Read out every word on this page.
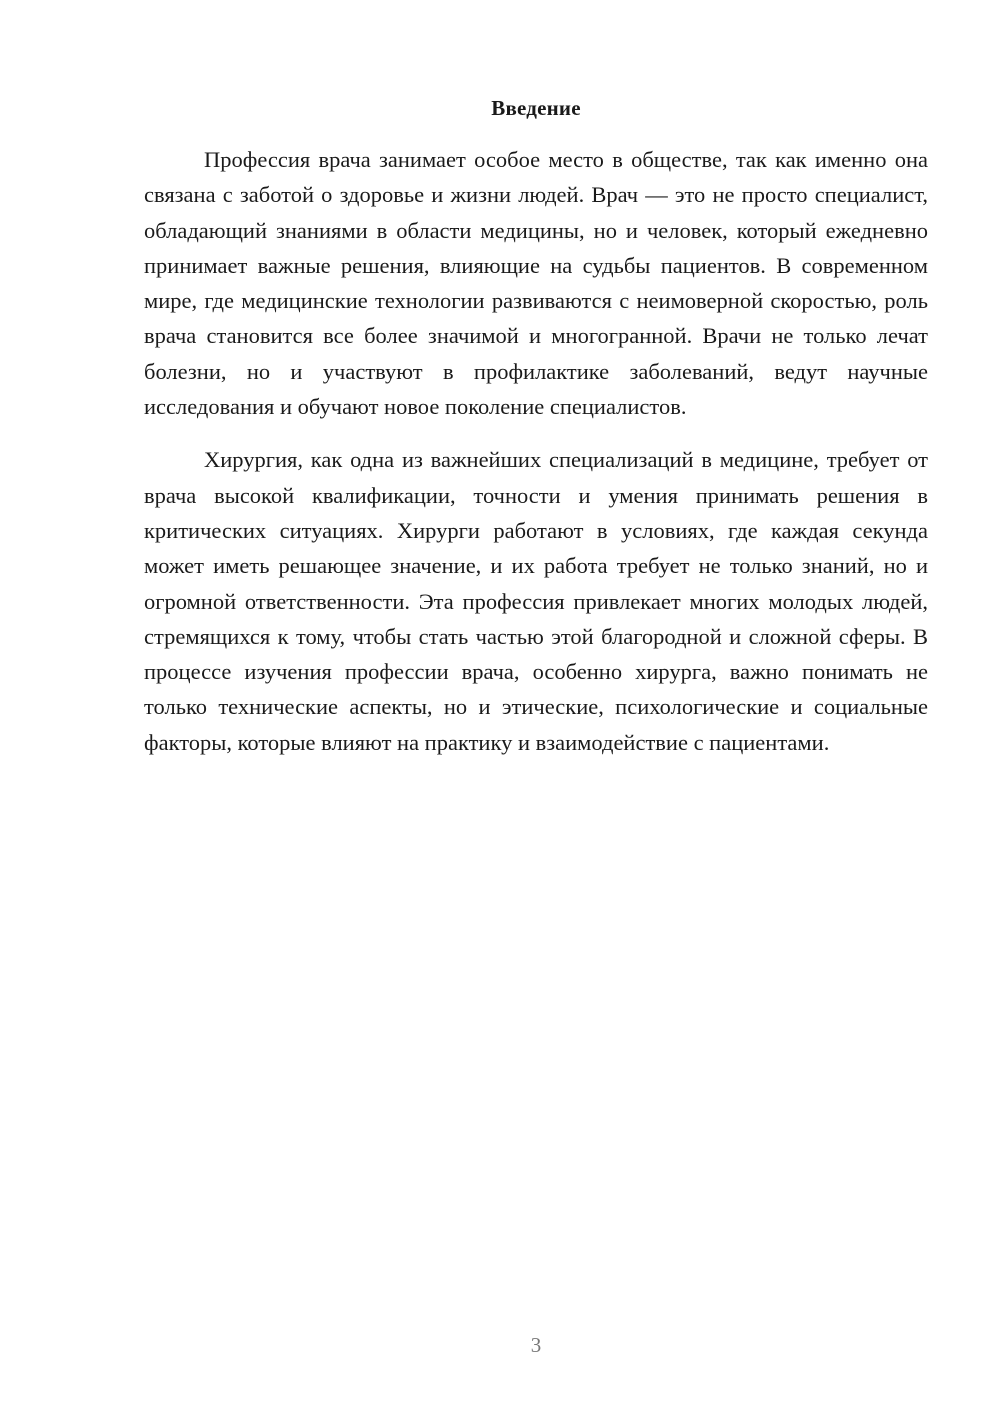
Введение

Профессия врача занимает особое место в обществе, так как именно она связана с заботой о здоровье и жизни людей. Врач — это не просто специалист, обладающий знаниями в области медицины, но и человек, который ежедневно принимает важные решения, влияющие на судьбы пациентов. В современном мире, где медицинские технологии развиваются с неимоверной скоростью, роль врача становится все более значимой и многогранной. Врачи не только лечат болезни, но и участвуют в профилактике заболеваний, ведут научные исследования и обучают новое поколение специалистов.

Хирургия, как одна из важнейших специализаций в медицине, требует от врача высокой квалификации, точности и умения принимать решения в критических ситуациях. Хирурги работают в условиях, где каждая секунда может иметь решающее значение, и их работа требует не только знаний, но и огромной ответственности. Эта профессия привлекает многих молодых людей, стремящихся к тому, чтобы стать частью этой благородной и сложной сферы. В процессе изучения профессии врача, особенно хирурга, важно понимать не только технические аспекты, но и этические, психологические и социальные факторы, которые влияют на практику и взаимодействие с пациентами.

3
